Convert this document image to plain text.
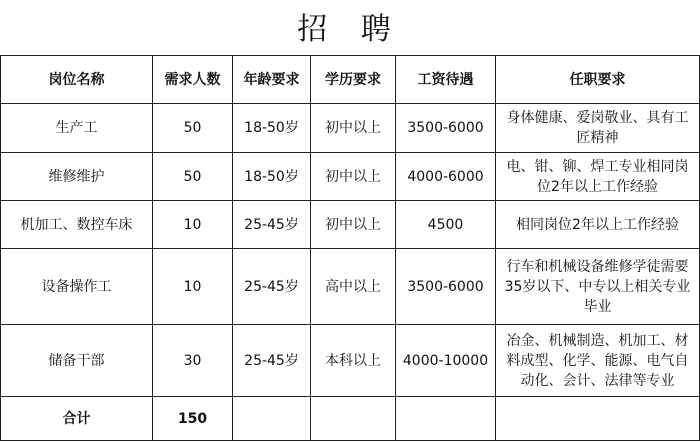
招 聘
岗位名称	需求人数	年龄要求	学历要求	工资待遇	任职要求
生产工	50	18-50岁	初中以上	3500-6000	身体健康、爱岗敬业、具有工匠精神
维修维护	50	18-50岁	初中以上	4000-6000	电、钳、铆、焊工专业相同岗位2年以上工作经验
机加工、数控车床	10	25-45岁	初中以上	4500	相同岗位2年以上工作经验
设备操作工	10	25-45岁	高中以上	3500-6000	行车和机械设备维修学徒需要35岁以下、中专以上相关专业毕业
储备干部	30	25-45岁	本科以上	4000-10000	冶金、机械制造、机加工、材料成型、化学、能源、电气自动化、会计、法律等专业
合计	150				
